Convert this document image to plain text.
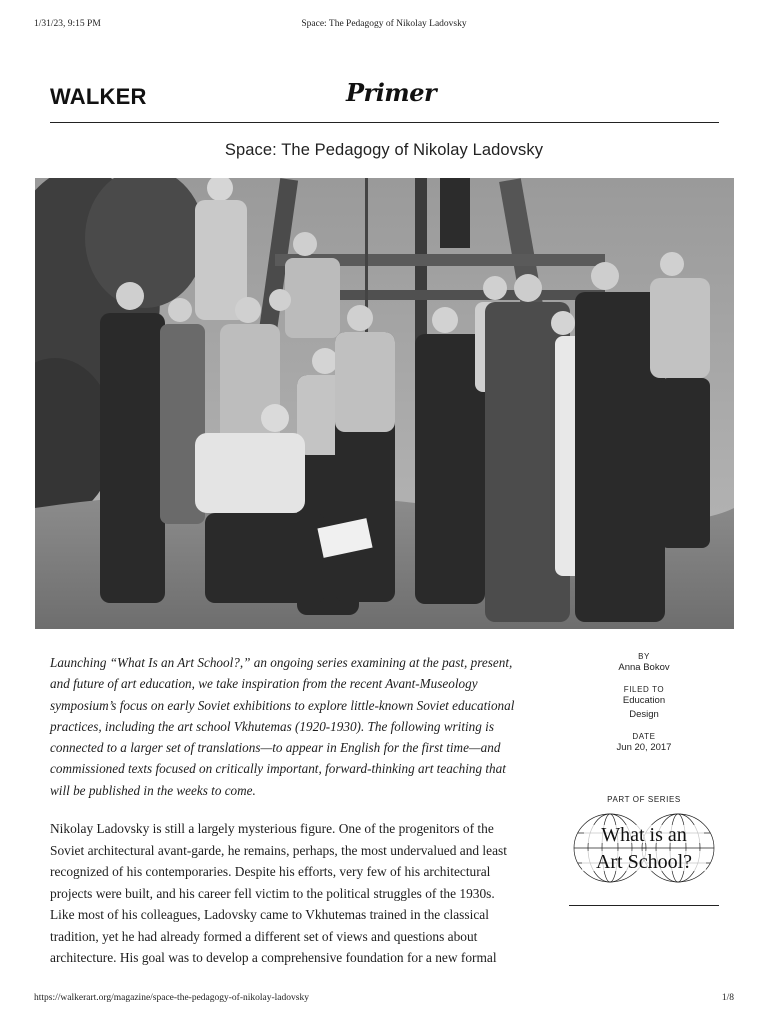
1/31/23, 9:15 PM	Space: The Pedagogy of Nikolay Ladovsky
WALKER	Primer
Space: The Pedagogy of Nikolay Ladovsky
Launching “What Is an Art School?,” an ongoing series examining at the past, present,
and future of art education, we take inspiration from the recent Avant-Museology
symposium’s focus on early Soviet exhibitions to explore little-known Soviet educational
practices, including the art school Vkhutemas (1920-1930). The following writing is
connected to a larger set of translations—to appear in English for the first time—and
commissioned texts focused on critically important, forward-thinking art teaching that
will be published in the weeks to come.
Nikolay Ladovsky is still a largely mysterious figure. One of the progenitors of the
Soviet architectural avant-garde, he remains, perhaps, the most undervalued and least
recognized of his contemporaries. Despite his efforts, very few of his architectural
projects were built, and his career fell victim to the political struggles of the 1930s.
Like most of his colleagues, Ladovsky came to Vkhutemas trained in the classical
tradition, yet he had already formed a different set of views and questions about
architecture. His goal was to develop a comprehensive foundation for a new formal
BY
Anna Bokov
FILED TO
Education
Design
DATE
Jun 20, 2017
PART OF SERIES
What is an
Art School?
https://walkerart.org/magazine/space-the-pedagogy-of-nikolay-ladovsky	1/8
